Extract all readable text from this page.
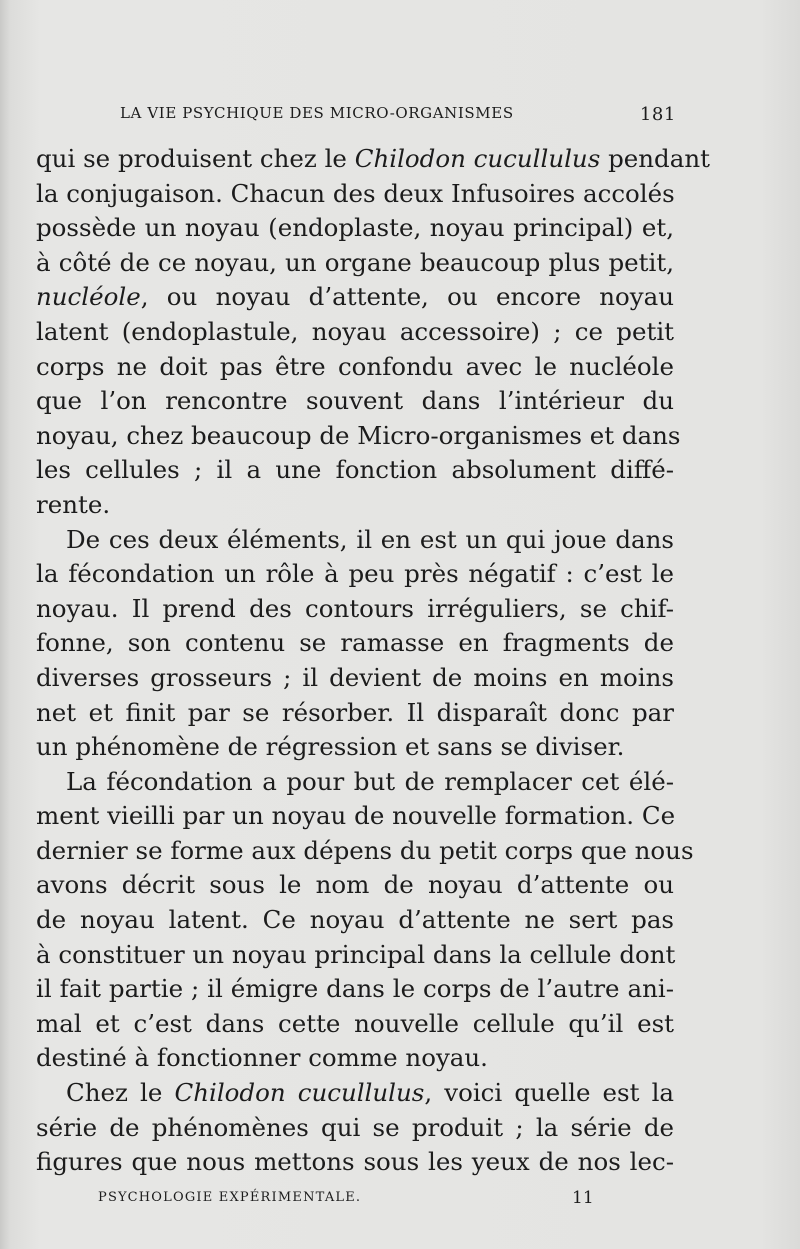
LA VIE PSYCHIQUE DES MICRO-ORGANISMES	181
qui se produisent chez le Chilodon cucullulus pendant
la conjugaison. Chacun des deux Infusoires accolés
possède un noyau (endoplaste, noyau principal) et,
à côté de ce noyau, un organe beaucoup plus petit,
nucléole, ou noyau d’attente, ou encore noyau
latent (endoplastule, noyau accessoire) ; ce petit
corps ne doit pas être confondu avec le nucléole
que l’on rencontre souvent dans l’intérieur du
noyau, chez beaucoup de Micro-organismes et dans
les cellules ; il a une fonction absolument diffé-
rente.
De ces deux éléments, il en est un qui joue dans
la fécondation un rôle à peu près négatif : c’est le
noyau. Il prend des contours irréguliers, se chif-
fonne, son contenu se ramasse en fragments de
diverses grosseurs ; il devient de moins en moins
net et finit par se résorber. Il disparaît donc par
un phénomène de régression et sans se diviser.
La fécondation a pour but de remplacer cet élé-
ment vieilli par un noyau de nouvelle formation. Ce
dernier se forme aux dépens du petit corps que nous
avons décrit sous le nom de noyau d’attente ou
de noyau latent. Ce noyau d’attente ne sert pas
à constituer un noyau principal dans la cellule dont
il fait partie ; il émigre dans le corps de l’autre ani-
mal et c’est dans cette nouvelle cellule qu’il est
destiné à fonctionner comme noyau.
Chez le Chilodon cucullulus, voici quelle est la
série de phénomènes qui se produit ; la série de
figures que nous mettons sous les yeux de nos lec-
PSYCHOLOGIE EXPÉRIMENTALE.	11
